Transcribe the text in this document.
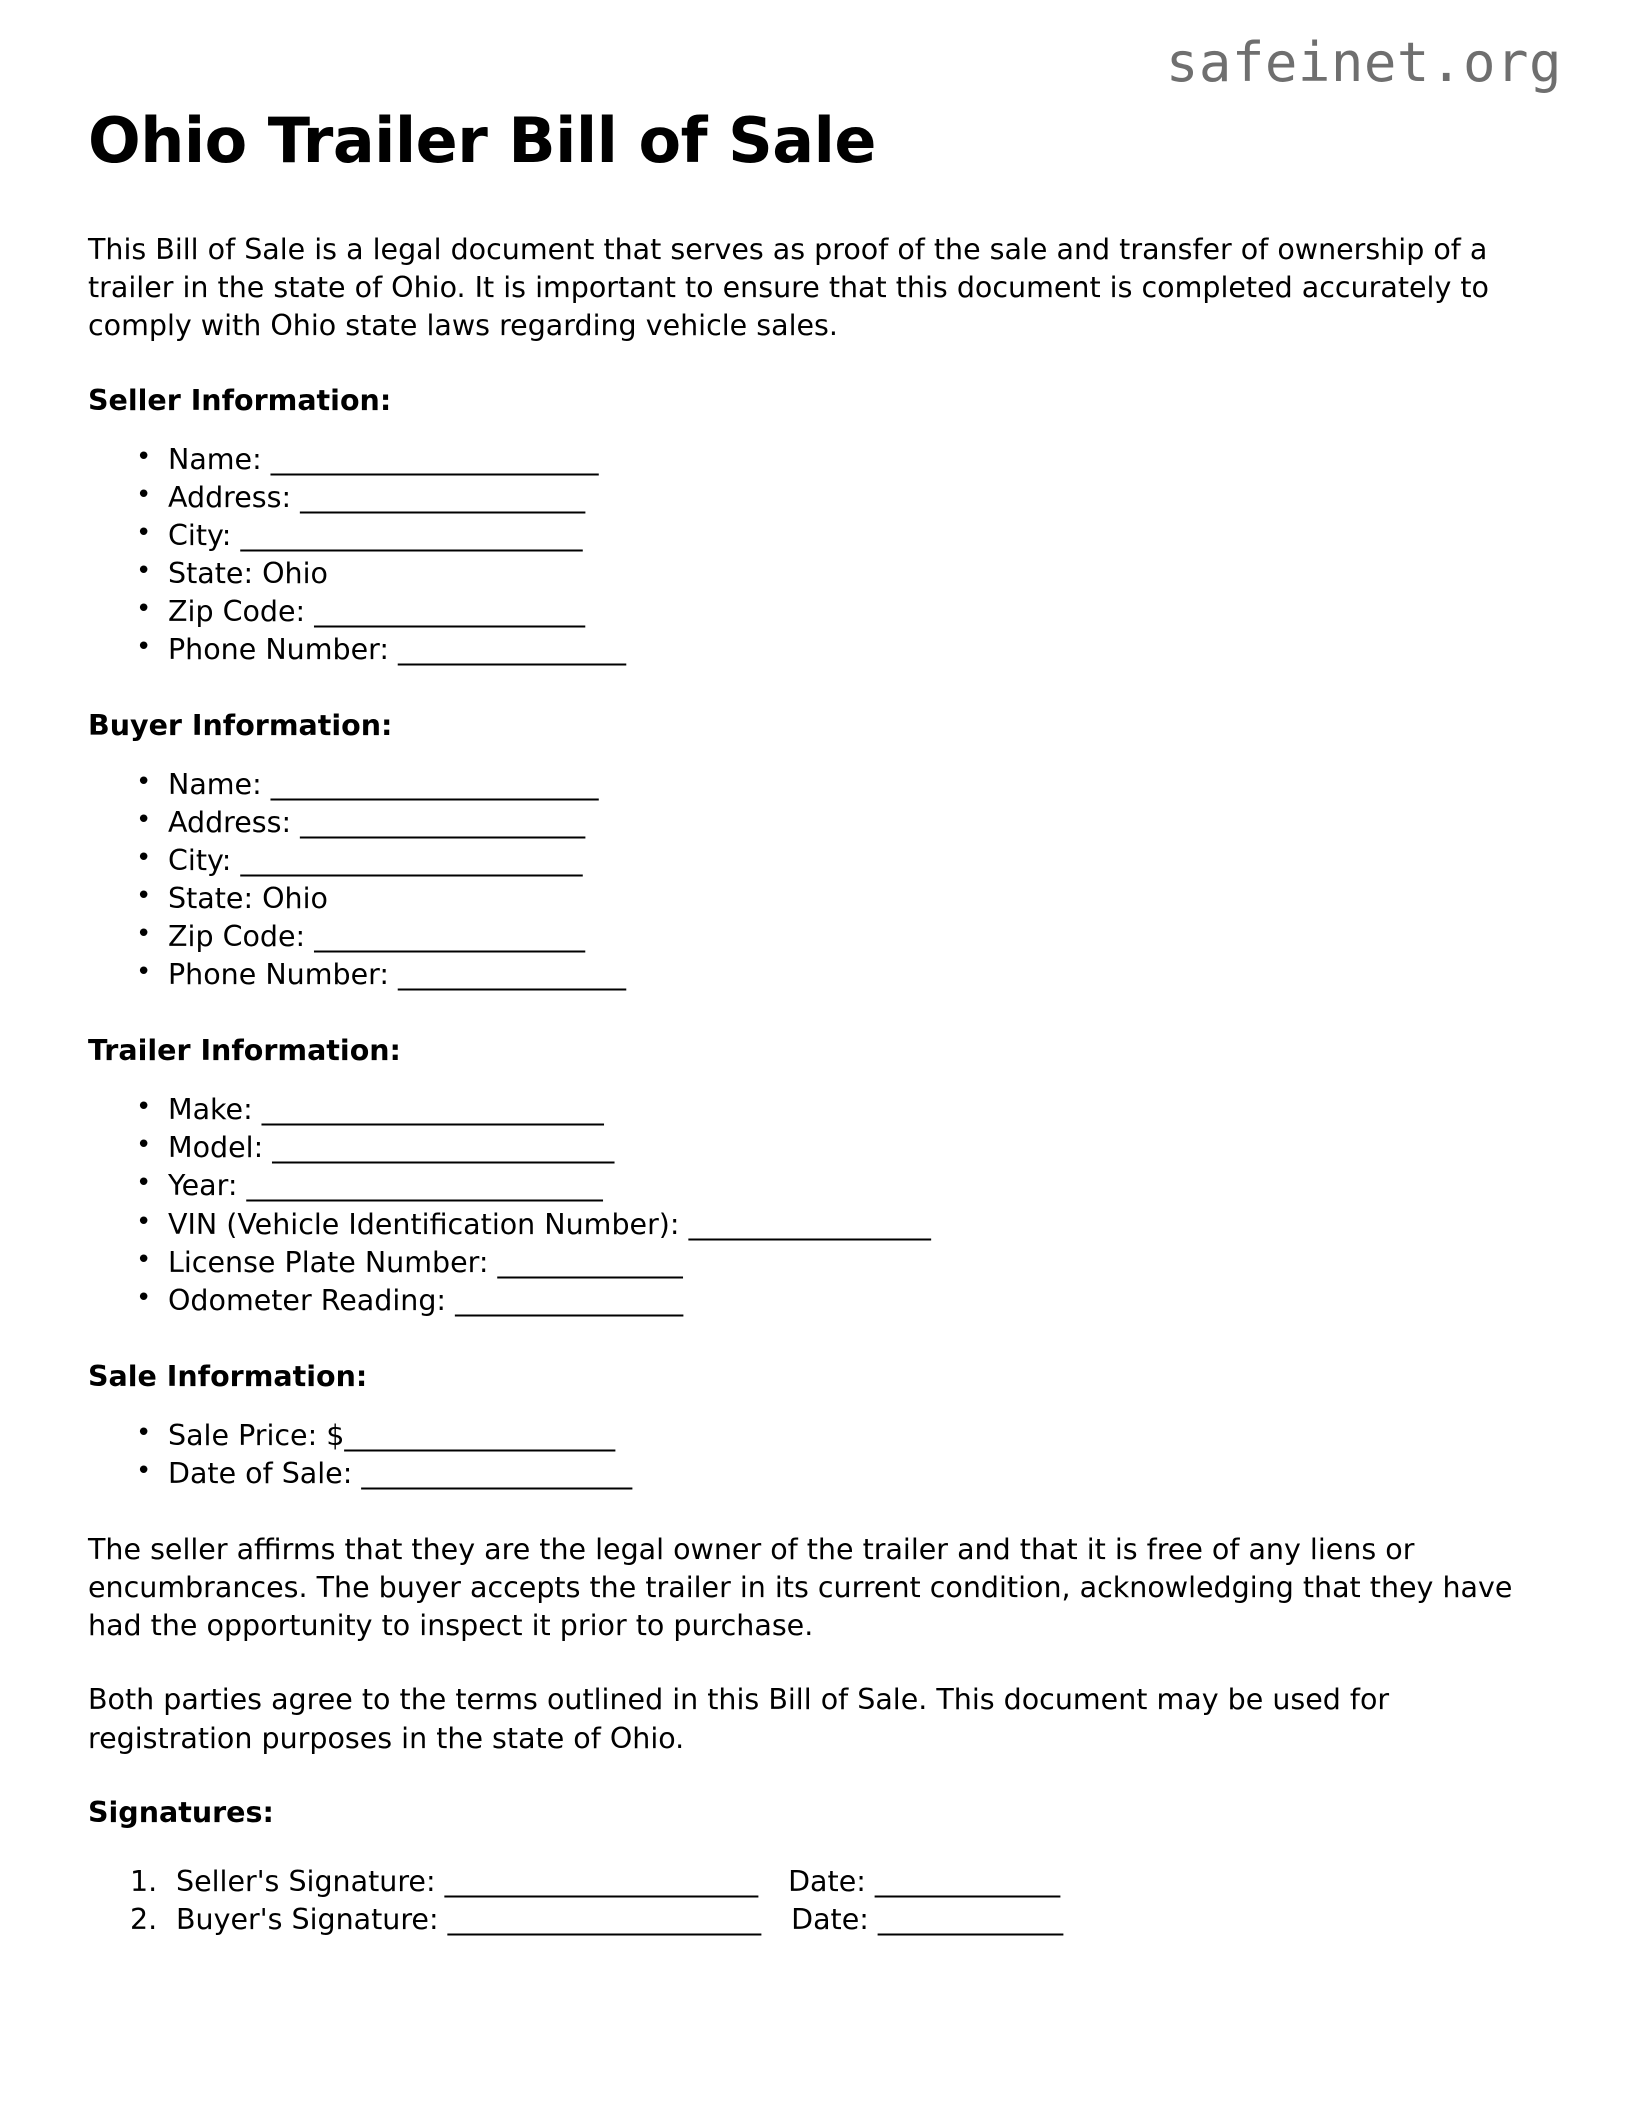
safeinet.org
Ohio Trailer Bill of Sale

This Bill of Sale is a legal document that serves as proof of the sale and transfer of ownership of a trailer in the state of Ohio. It is important to ensure that this document is completed accurately to comply with Ohio state laws regarding vehicle sales.

Seller Information:
• Name: _______________________
• Address: ____________________
• City: ________________________
• State: Ohio
• Zip Code: ___________________
• Phone Number: ________________
Buyer Information:
• Name: _______________________
• Address: ____________________
• City: ________________________
• State: Ohio
• Zip Code: ___________________
• Phone Number: ________________
Trailer Information:
• Make: ________________________
• Model: ________________________
• Year: _________________________
• VIN (Vehicle Identification Number): _________________
• License Plate Number: _____________
• Odometer Reading: ________________
Sale Information:
• Sale Price: $___________________
• Date of Sale: ___________________

The seller affirms that they are the legal owner of the trailer and that it is free of any liens or encumbrances. The buyer accepts the trailer in its current condition, acknowledging that they have had the opportunity to inspect it prior to purchase.

Both parties agree to the terms outlined in this Bill of Sale. This document may be used for registration purposes in the state of Ohio.

Signatures:
Seller's Signature: ______________________ Date: _____________
Buyer's Signature: ______________________ Date: _____________
